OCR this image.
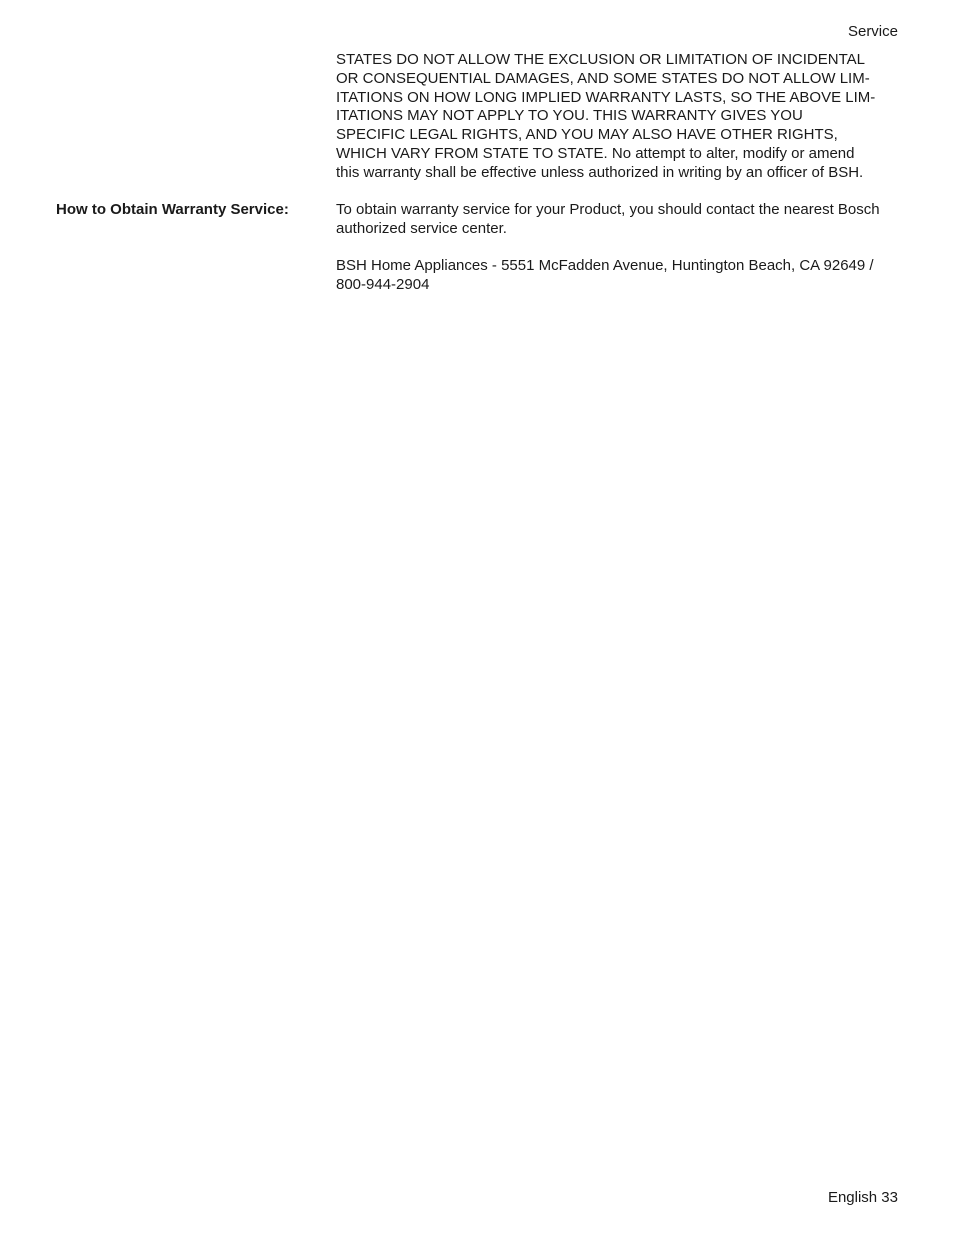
Service
STATES DO NOT ALLOW THE EXCLUSION OR LIMITATION OF INCIDENTAL
OR CONSEQUENTIAL DAMAGES, AND SOME STATES DO NOT ALLOW LIM-
ITATIONS ON HOW LONG IMPLIED WARRANTY LASTS, SO THE ABOVE LIM-
ITATIONS MAY NOT APPLY TO YOU. THIS WARRANTY GIVES YOU
SPECIFIC LEGAL RIGHTS, AND YOU MAY ALSO HAVE OTHER RIGHTS,
WHICH VARY FROM STATE TO STATE. No attempt to alter, modify or amend
this warranty shall be effective unless authorized in writing by an officer of BSH.
How to Obtain Warranty Service:	To obtain warranty service for your Product, you should contact the nearest Bosch
authorized service center.
BSH Home Appliances - 5551 McFadden Avenue, Huntington Beach, CA 92649 /
800-944-2904
English 33
